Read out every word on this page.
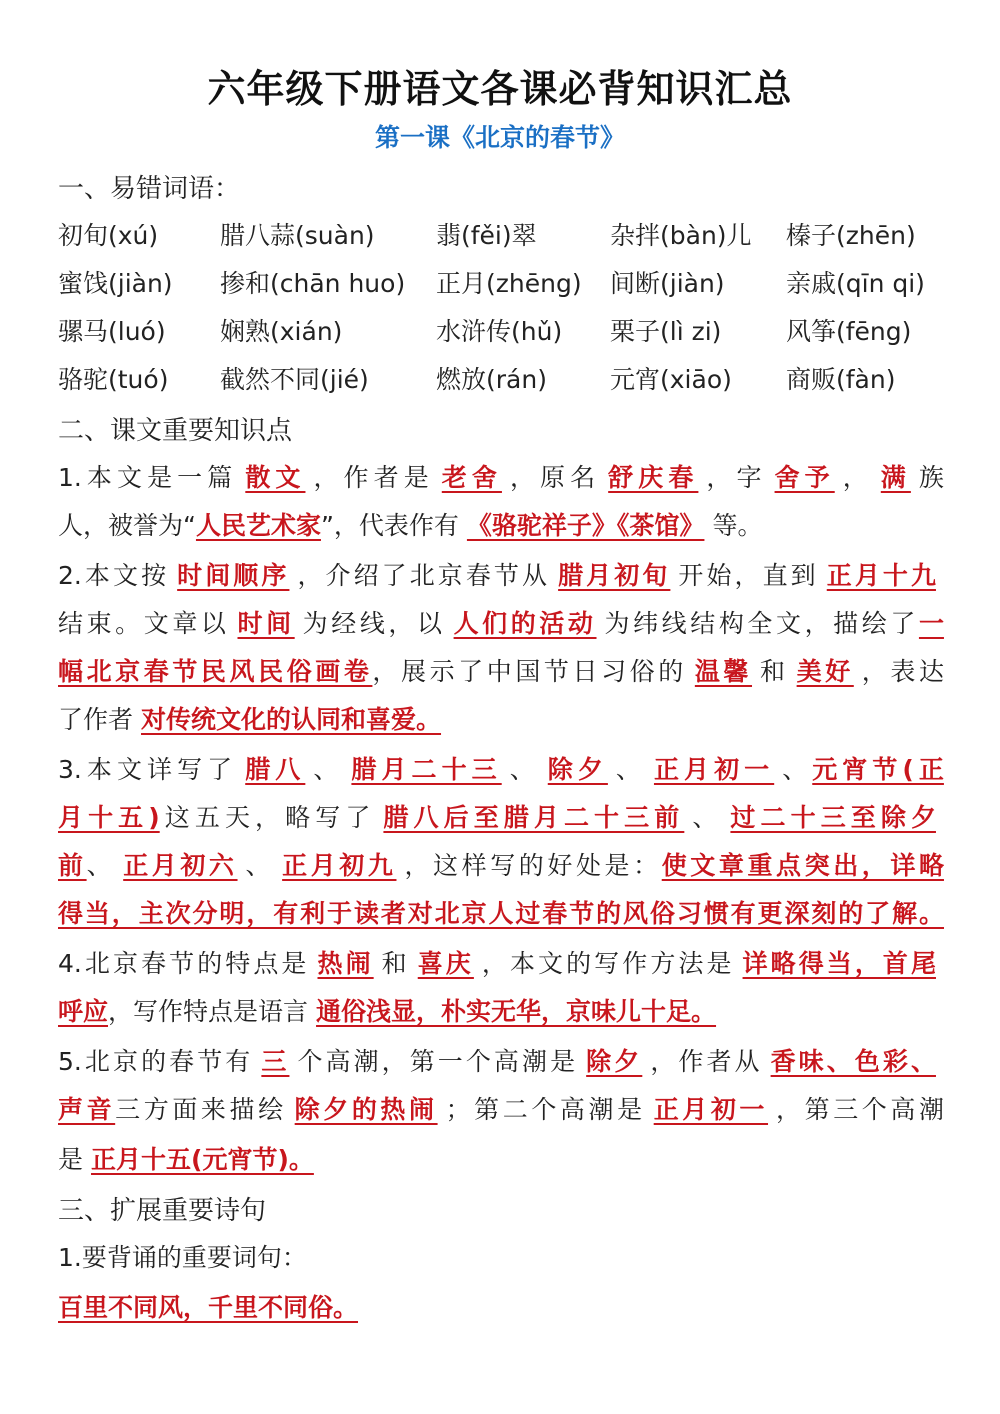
六年级下册语文各课必背知识汇总
第一课《北京的春节》
一、易错词语：
初旬(xú) 腊八蒜(suàn) 翡(fěi)翠	杂拌(bàn)儿 榛子(zhēn)
蜜饯(jiàn) 掺和(chān huo) 正月(zhēng) 间断(jiàn) 亲戚(qīn qi)
骡马(luó) 娴熟(xián)	水浒传(hǔ) 栗子(lì zi)	风筝(fēng)
骆驼(tuó) 截然不同(jié)	燃放(rán)	元宵(xiāo) 商贩(fàn)
二、课文重要知识点
1.本文是一篇 散文 ，作者是 老舍 ，原名 舒庆春 ，字 舍予 ， 满 族
人，被誉为“人民艺术家”，代表作有 《骆驼祥子》《茶馆》 等。
2.本文按 时间顺序 ，介绍了北京春节从 腊月初旬 开始，直到 正月十九
结束。文章以 时间 为经线，以 人们的活动 为纬线结构全文，描绘了一
幅北京春节民风民俗画卷，展示了中国节日习俗的 温馨 和 美好 ，表达
了作者 对传统文化的认同和喜爱。
3.本文详写了 腊八 、 腊月二十三 、 除夕 、 正月初一 、元宵节(正
月十五)这五天，略写了 腊八后至腊月二十三前 、 过二十三至除夕
前、 正月初六 、 正月初九 ，这样写的好处是：使文章重点突出，详略
得当，主次分明，有利于读者对北京人过春节的风俗习惯有更深刻的了解。
4.北京春节的特点是 热闹 和 喜庆 ，本文的写作方法是 详略得当，首尾
呼应，写作特点是语言 通俗浅显，朴实无华，京味儿十足。
5.北京的春节有 三 个高潮，第一个高潮是 除夕 ，作者从 香味、色彩、
声音三方面来描绘 除夕的热闹 ；第二个高潮是 正月初一 ，第三个高潮
是 正月十五(元宵节)。
三、扩展重要诗句
1.要背诵的重要词句：
百里不同风，千里不同俗。
